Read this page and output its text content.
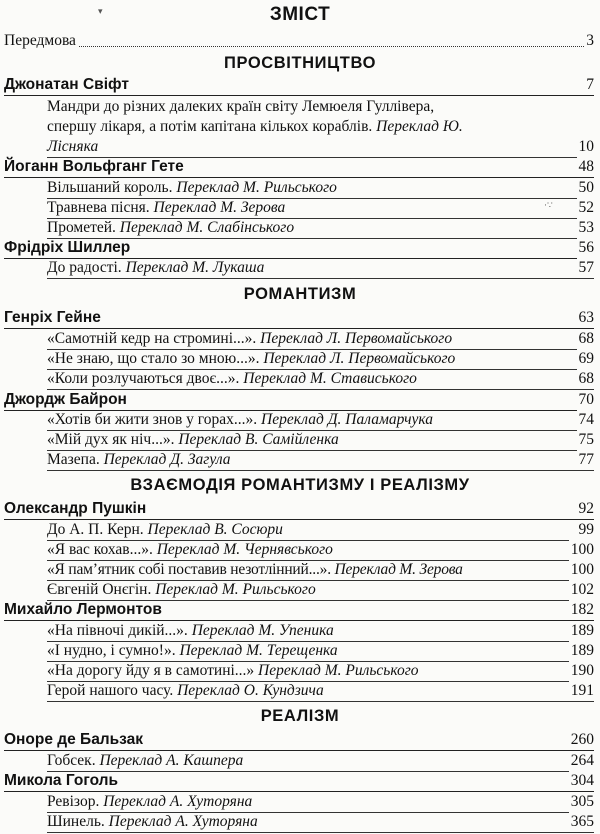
ЗМІСТ
Передмова	3
ПРОСВІТНИЦТВО
Джонатан Свіфт	7
Мандри до різних далеких країн світу Лемюеля Гуллівера,
спершу лікаря, а потім капітана кількох кораблів. Переклад Ю.
Лісняка	10
Йоганн Вольфганг Гете	48
Вільшаний король. Переклад М. Рильського	50
Травнева пісня. Переклад М. Зерова	52
Прометей. Переклад М. Слабінського	53
Фрідріх Шиллер	56
До радості. Переклад М. Лукаша	57
РОМАНТИЗМ
Генріх Гейне	63
«Самотній кедр на стромині...». Переклад Л. Первомайського	68
«Не знаю, що стало зо мною...». Переклад Л. Первомайського	69
«Коли розлучаються двоє...». Переклад М. Стависького	68
Джордж Байрон	70
«Хотів би жити знов у горах...». Переклад Д. Паламарчука	74
«Мій дух як ніч...». Переклад В. Самійленка	75
Мазепа. Переклад Д. Загула	77
ВЗАЄМОДІЯ РОМАНТИЗМУ І РЕАЛІЗМУ
Олександр Пушкін	92
До А. П. Керн. Переклад В. Сосюри	99
«Я вас кохав...». Переклад М. Чернявського	100
«Я пам’ятник собі поставив незотлінний...». Переклад М. Зерова	100
Євгеній Онєгін. Переклад М. Рильського	102
Михайло Лермонтов	182
«На півночі дикій...». Переклад М. Упеника	189
«І нудно, і сумно!». Переклад М. Терещенка	189
«На дорогу йду я в самотині...» Переклад М. Рильського	190
Герой нашого часу. Переклад О. Кундзича	191
РЕАЛІЗМ
Оноре де Бальзак	260
Гобсек. Переклад А. Кашпера	264
Микола Гоголь	304
Ревізор. Переклад А. Хуторяна	305
Шинель. Переклад А. Хуторяна	365
▾
·∵
